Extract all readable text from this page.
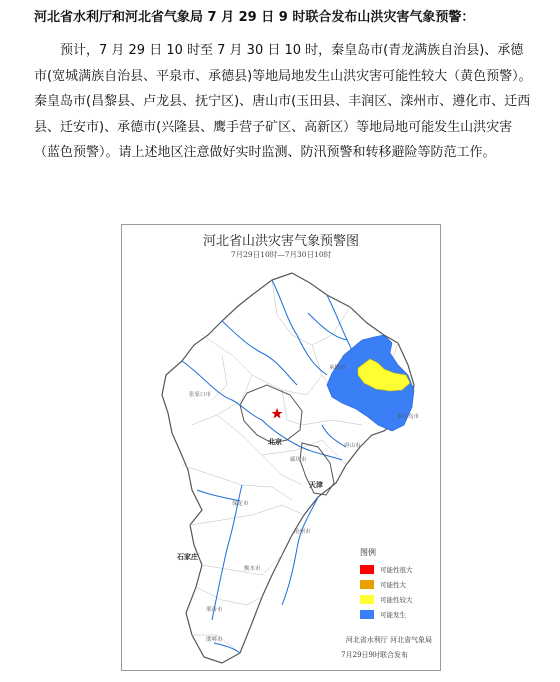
河北省水利厅和河北省气象局 7 月 29 日 9 时联合发布山洪灾害气象预警：
预计，7 月 29 日 10 时至 7 月 30 日 10 时，秦皇岛市(青龙满族自治县)、承德市(宽城满族自治县、平泉市、承德县)等地局地发生山洪灾害可能性较大（黄色预警）。秦皇岛市(昌黎县、卢龙县、抚宁区)、唐山市(玉田县、丰润区、滦州市、遵化市、迁西县、迁安市)、承德市(兴隆县、鹰手营子矿区、高新区）等地局地可能发生山洪灾害（蓝色预警）。请上述地区注意做好实时监测、防汛预警和转移避险等防范工作。
河北省山洪灾害气象预警图
7月29日10时—7月30日10时
承德市
张家口市
北京
廊坊市
唐山市
秦皇岛市
天津
保定市
沧州市
石家庄
衡水市
邢台市
邯郸市
图例
可能性很大
可能性大
可能性较大
可能发生
河北省水利厅 河北省气象局
7月29日9时联合发布
